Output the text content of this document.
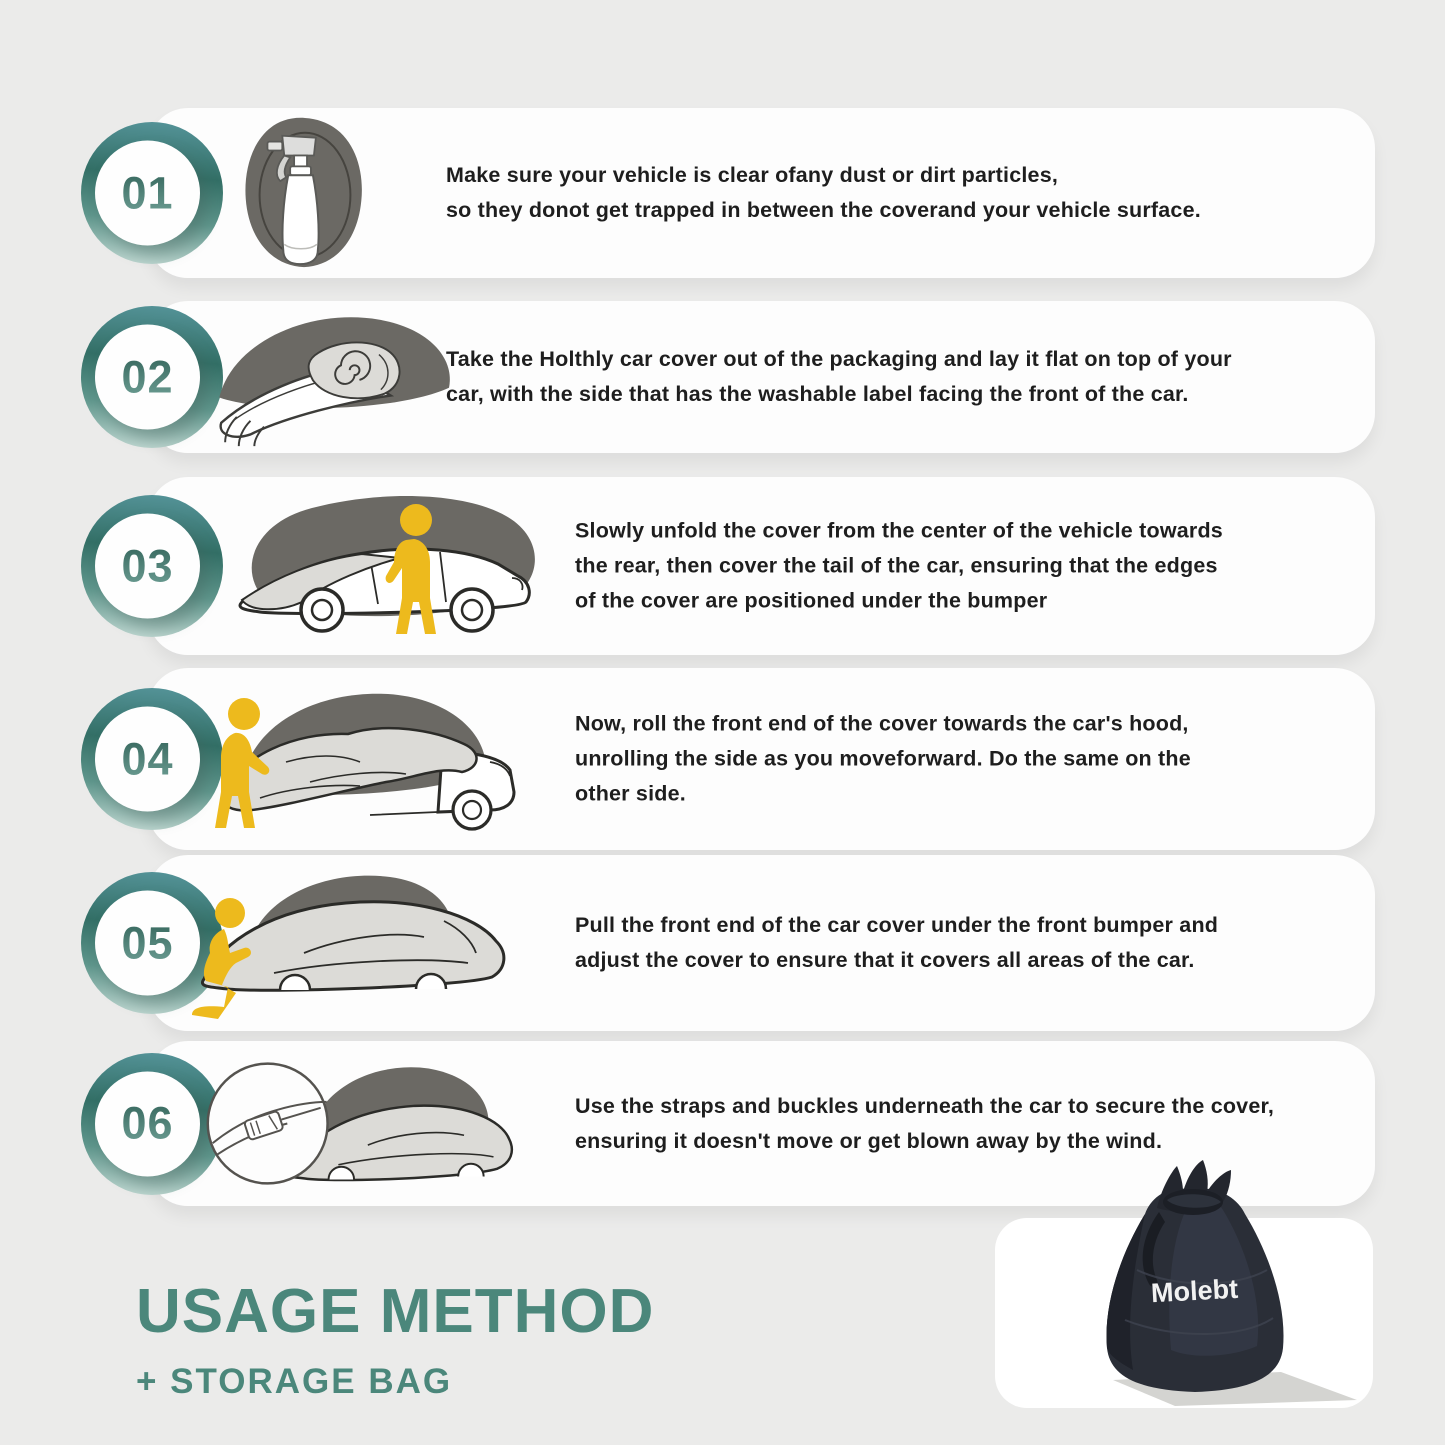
01	Make sure your vehicle is clear ofany dust or dirt particles,
so they donot get trapped in between the coverand your vehicle surface.
02	Take the Holthly car cover out of the packaging and lay it flat on top of your
car, with the side that has the washable label facing the front of the car.
03
Slowly unfold the cover from the center of the vehicle towards
the rear, then cover the tail of the car, ensuring that the edges
of the cover are positioned under the bumper
04
Now, roll the front end of the cover towards the car's hood,
unrolling the side as you moveforward. Do the same on the
other side.
05	Pull the front end of the car cover under the front bumper and
adjust the cover to ensure that it covers all areas of the car.
06	Use the straps and buckles underneath the car to secure the cover,
ensuring it doesn't move or get blown away by the wind.
USAGE METHOD
+ STORAGE BAG
Molebt
